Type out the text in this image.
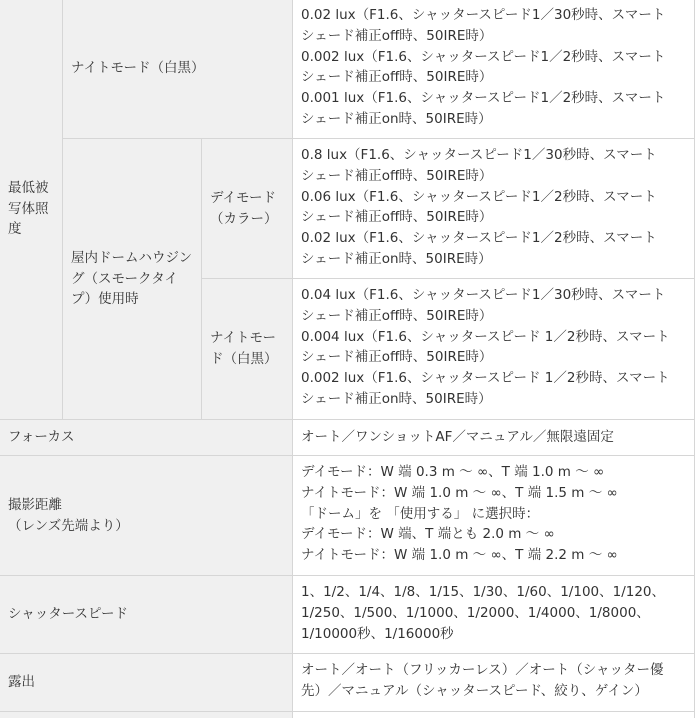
最低被
写体照
度
ナイトモード（白黒）
0.02 lux（F1.6、シャッタースピード1／30秒時、スマート
シェード補正off時、50IRE時）
0.002 lux（F1.6、シャッタースピード1／2秒時、スマート
シェード補正off時、50IRE時）
0.001 lux（F1.6、シャッタースピード1／2秒時、スマート
シェード補正on時、50IRE時）
屋内ドームハウジン
グ（スモークタイ
プ）使用時
デイモード
（カラー）
0.8 lux（F1.6、シャッタースピード1／30秒時、スマート
シェード補正off時、50IRE時）
0.06 lux（F1.6、シャッタースピード1／2秒時、スマート
シェード補正off時、50IRE時）
0.02 lux（F1.6、シャッタースピード1／2秒時、スマート
シェード補正on時、50IRE時）
ナイトモー
ド（白黒）
0.04 lux（F1.6、シャッタースピード1／30秒時、スマート
シェード補正off時、50IRE時）
0.004 lux（F1.6、シャッタースピード 1／2秒時、スマート
シェード補正off時、50IRE時）
0.002 lux（F1.6、シャッタースピード 1／2秒時、スマート
シェード補正on時、50IRE時）
フォーカス	オート／ワンショットAF／マニュアル／無限遠固定
撮影距離
（レンズ先端より）
デイモード：W 端 0.3 m ～ ∞、T 端 1.0 m ～ ∞
ナイトモード：W 端 1.0 m ～ ∞、T 端 1.5 m ～ ∞
「ドーム」を 「使用する」 に選択時：
デイモード：W 端、T 端とも 2.0 m ～ ∞
ナイトモード：W 端 1.0 m ～ ∞、T 端 2.2 m ～ ∞
シャッタースピード
1、1/2、1/4、1/8、1/15、1/30、1/60、1/100、1/120、
1/250、1/500、1/1000、1/2000、1/4000、1/8000、
1/10000秒、1/16000秒
露出
オート／オート（フリッカーレス）／オート（シャッター優
先）／マニュアル（シャッタースピード、絞り、ゲイン）
